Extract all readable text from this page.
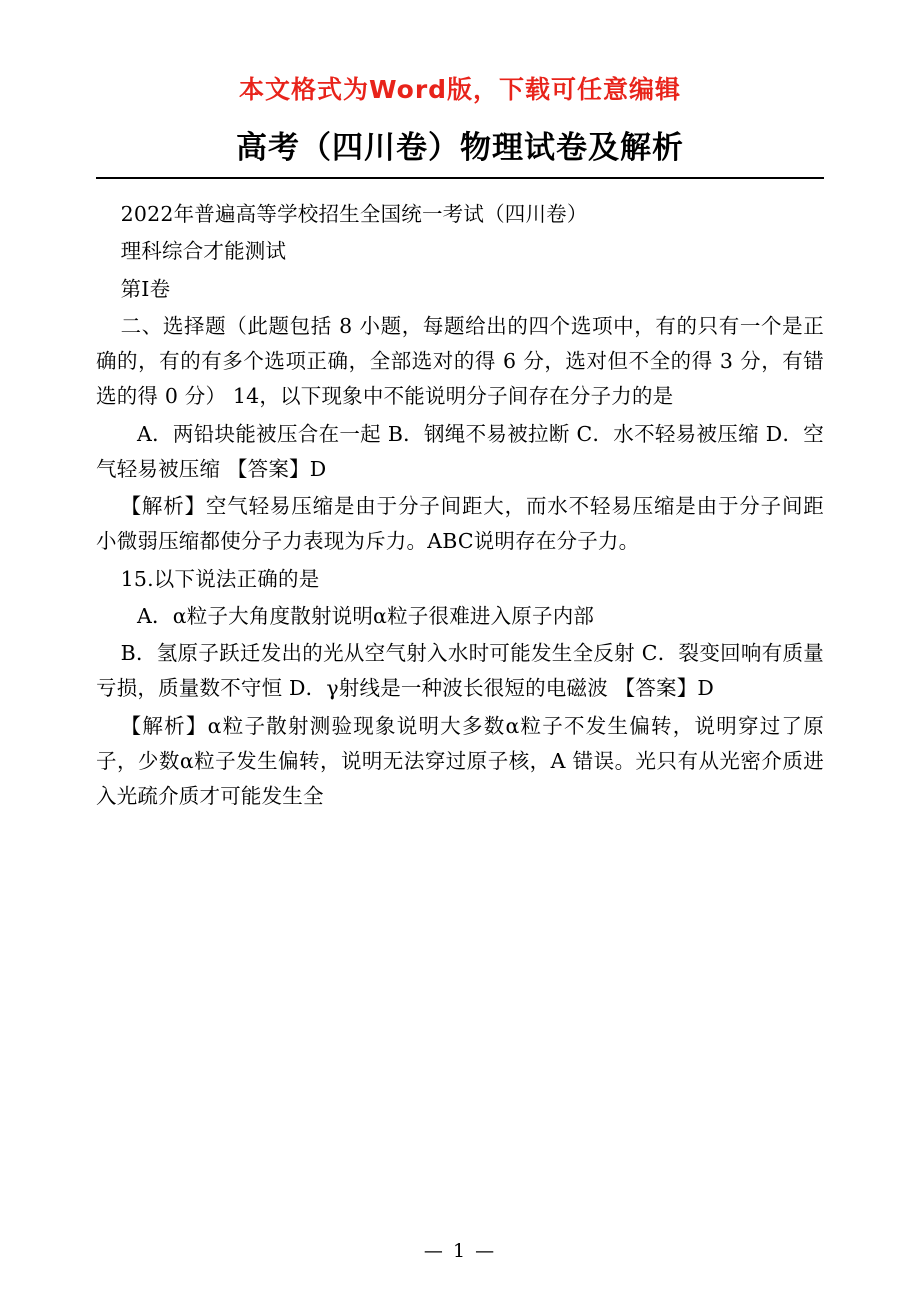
本文格式为Word版，下载可任意编辑
高考（四川卷）物理试卷及解析

2022年普遍高等学校招生全国统一考试（四川卷）

理科综合才能测试

第Ⅰ卷

二、选择题（此题包括 8 小题，每题给出的四个选项中，有的只有一个是正确的，有的有多个选项正确，全部选对的得 6 分，选对但不全的得 3 分，有错选的得 0 分） 14，以下现象中不能说明分子间存在分子力的是

A．两铅块能被压合在一起 B．钢绳不易被拉断 C．水不轻易被压缩 D．空气轻易被压缩 【答案】D

【解析】空气轻易压缩是由于分子间距大，而水不轻易压缩是由于分子间距小微弱压缩都使分子力表现为斥力。ABC说明存在分子力。

15.以下说法正确的是

A．α粒子大角度散射说明α粒子很难进入原子内部

B．氢原子跃迁发出的光从空气射入水时可能发生全反射 C．裂变回响有质量亏损，质量数不守恒 D．γ射线是一种波长很短的电磁波 【答案】D

【解析】α粒子散射测验现象说明大多数α粒子不发生偏转，说明穿过了原子，少数α粒子发生偏转，说明无法穿过原子核，A 错误。光只有从光密介质进入光疏介质才可能发生全

— 1 —
